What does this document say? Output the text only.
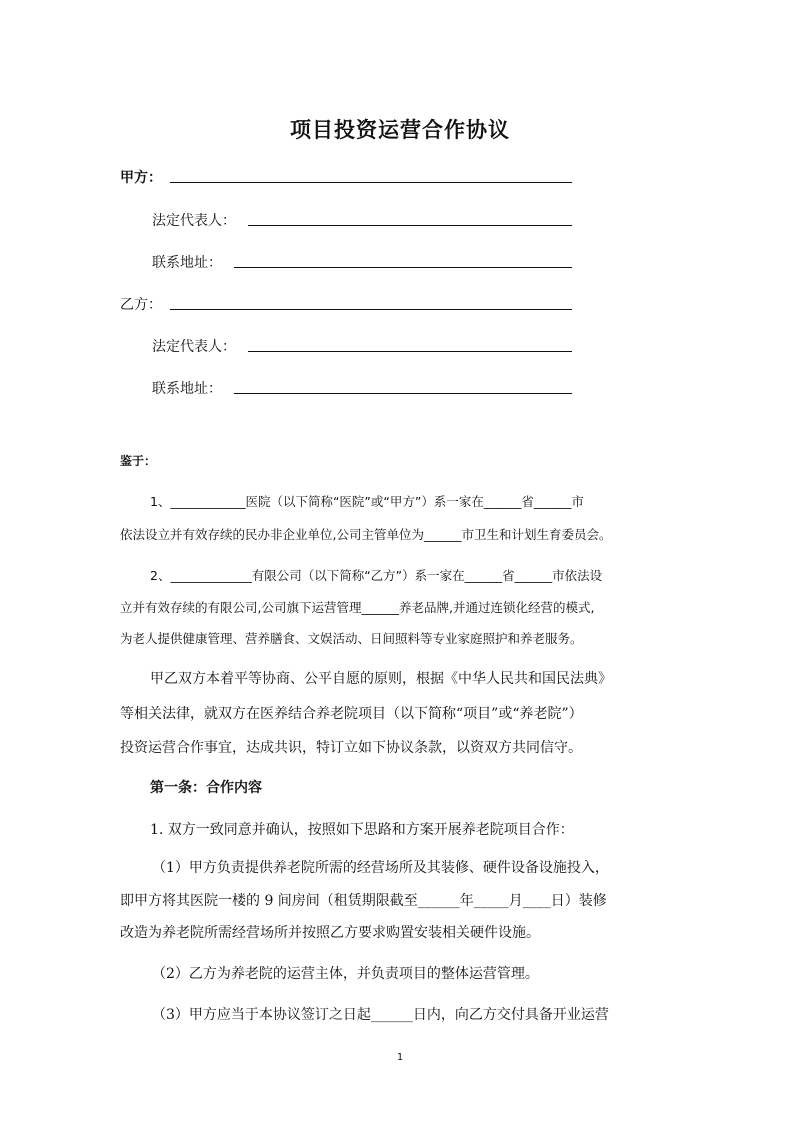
项目投资运营合作协议
甲方：
法定代表人：
联系地址：
乙方：
法定代表人：
联系地址：
鉴于：
1、____________医院（以下简称“医院”或“甲方”）系一家在______省______市
依法设立并有效存续的民办非企业单位,公司主管单位为______市卫生和计划生育委员会。
2、_____________有限公司（以下简称“乙方”）系一家在______省______市依法设
立并有效存续的有限公司,公司旗下运营管理______养老品牌,并通过连锁化经营的模式,
为老人提供健康管理、营养膳食、文娱活动、日间照料等专业家庭照护和养老服务。
甲乙双方本着平等协商、公平自愿的原则，根据《中华人民共和国民法典》
等相关法律，就双方在医养结合养老院项目（以下简称“项目”或“养老院”）
投资运营合作事宜，达成共识，特订立如下协议条款，以资双方共同信守。
第一条：合作内容
1. 双方一致同意并确认，按照如下思路和方案开展养老院项目合作：
（1）甲方负责提供养老院所需的经营场所及其装修、硬件设备设施投入，
即甲方将其医院一楼的 9 间房间（租赁期限截至______年_____月____日）装修
改造为养老院所需经营场所并按照乙方要求购置安装相关硬件设施。
（2）乙方为养老院的运营主体，并负责项目的整体运营管理。
（3）甲方应当于本协议签订之日起______日内，向乙方交付具备开业运营
1
